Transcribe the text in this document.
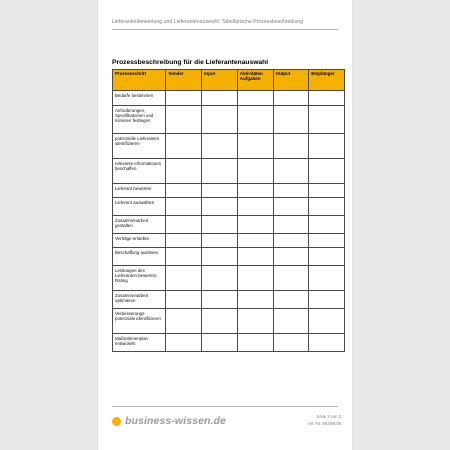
Lieferantenbewertung und Lieferantenauswahl: Tabellarische Prozessbeschreibung
Prozessbeschreibung für die Lieferantenauswahl
Prozessschritt	Sender	Input	Aktivitäten Aufgaben	Output	Empfänger
Bedarfe bestimmen					
Anforderungen, Spezifikationen und Kriterien festlegen					
potenzielle Lieferanten identifizieren					
relevante Informationen beschaffen					
Lieferant bewerten					
Lieferant auswählen					
Zusammenarbeit gestalten					
Verträge erstellen					
Beschaffung auslösen					
Leistungen des Lieferanten bewerten; Rating					
Zusammenarbeit optimieren					
Verbesserungs-potenziale identifizieren					
Maßnahmenplan entwickeln					
business-wissen.de	Seite 3 von 3
Art.-Nr. 99.069.05
